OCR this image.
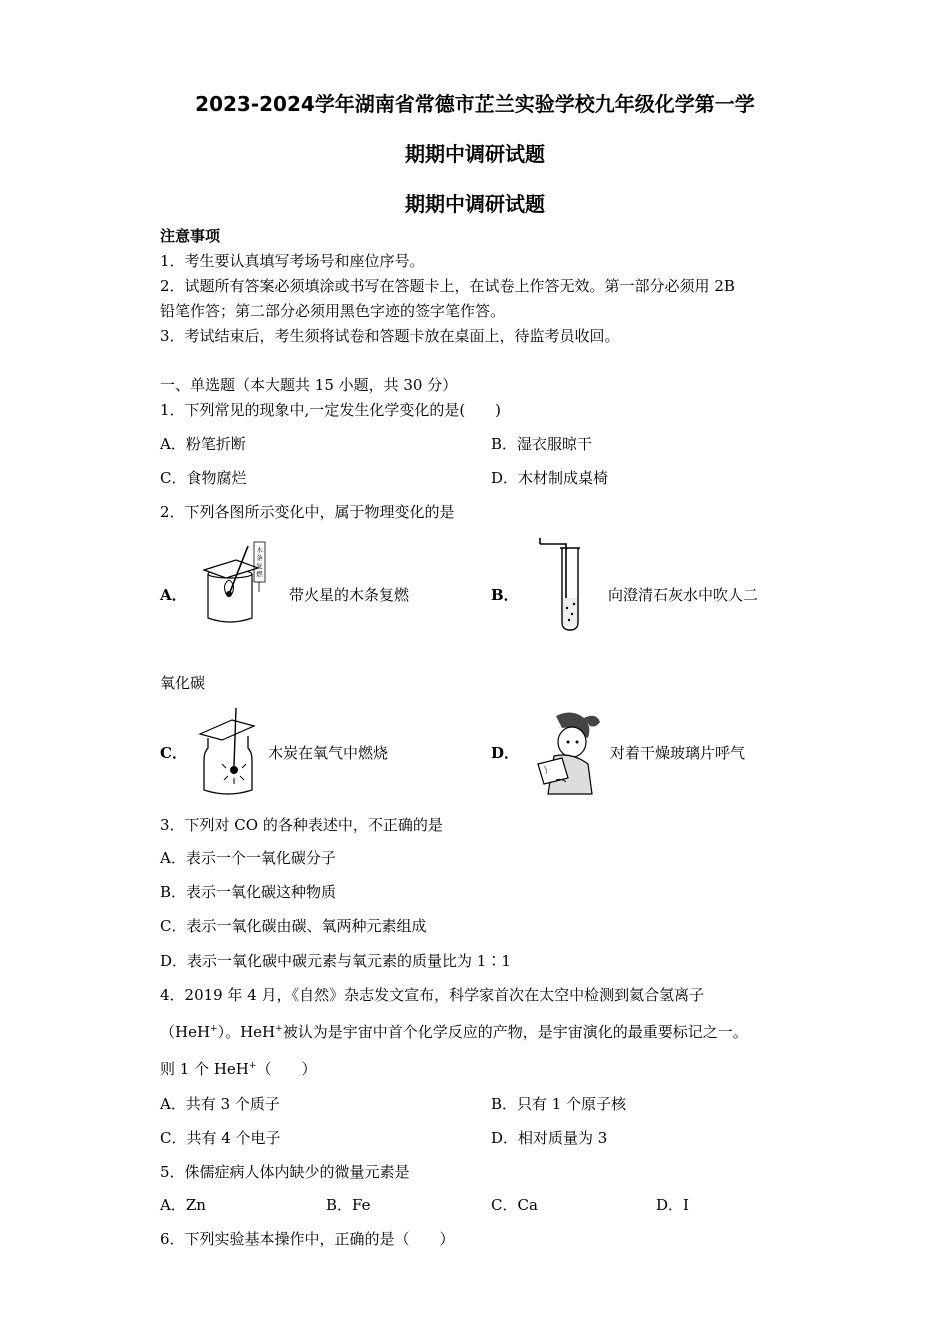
2023-2024学年湖南省常德市芷兰实验学校九年级化学第一学
期期中调研试题
期期中调研试题
注意事项
1．考生要认真填写考场号和座位序号。
2．试题所有答案必须填涂或书写在答题卡上，在试卷上作答无效。第一部分必须用 2B
铅笔作答；第二部分必须用黑色字迹的签字笔作答。
3．考试结束后，考生须将试卷和答题卡放在桌面上，待监考员收回。
一、单选题（本大题共 15 小题，共 30 分）
1．下列常见的现象中,一定发生化学变化的是(　　)
A．粉笔折断	B．湿衣服晾干
C．食物腐烂	D．木材制成桌椅
2．下列各图所示变化中，属于物理变化的是
A．
木条复燃
带火星的木条复燃	B．	向澄清石灰水中吹人二
氧化碳
C．	木炭在氧气中燃烧	D．	对着干燥玻璃片呼气
3．下列对 CO 的各种表述中，不正确的是
A．表示一个一氧化碳分子
B．表示一氧化碳这种物质
C．表示一氧化碳由碳、氧两种元素组成
D．表示一氧化碳中碳元素与氧元素的质量比为 1∶1
4．2019 年 4 月，《自然》杂志发文宣布，科学家首次在太空中检测到氦合氢离子
（HeH+）。HeH+被认为是宇宙中首个化学反应的产物，是宇宙演化的最重要标记之一。
则 1 个 HeH+（　　）
A．共有 3 个质子	B．只有 1 个原子核
C．共有 4 个电子	D．相对质量为 3
5．侏儒症病人体内缺少的微量元素是
A．Zn	B．Fe	C．Ca	D．I
6．下列实验基本操作中，正确的是（　　）
